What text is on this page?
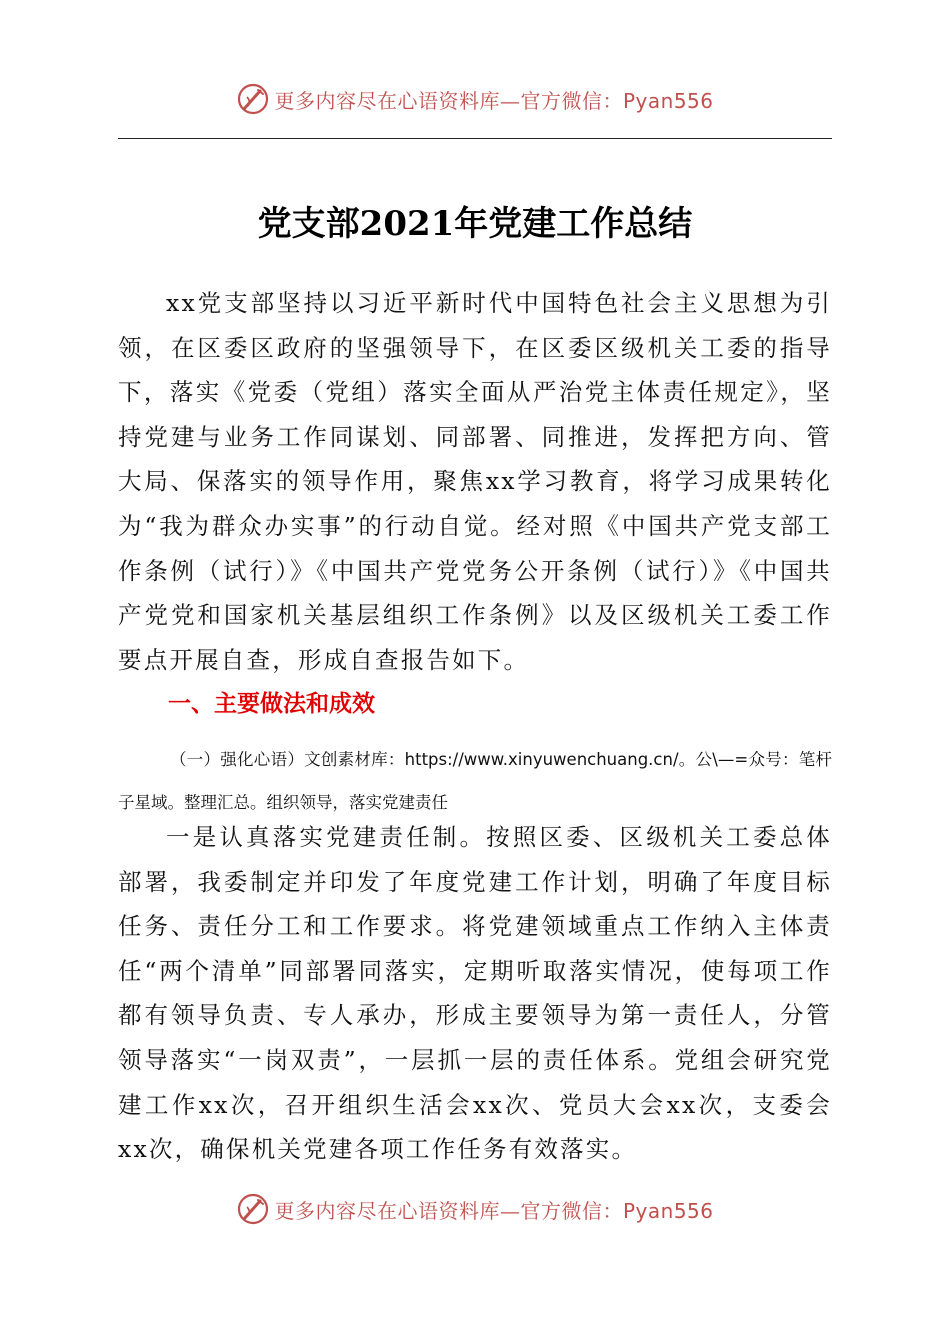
更多内容尽在心语资料库—官方微信：Pyan556
党支部2021年党建工作总结

xx党支部坚持以习近平新时代中国特色社会主义思想为引领，在区委区政府的坚强领导下，在区委区级机关工委的指导下，落实《党委（党组）落实全面从严治党主体责任规定》，坚持党建与业务工作同谋划、同部署、同推进，发挥把方向、管大局、保落实的领导作用，聚焦xx学习教育，将学习成果转化为“我为群众办实事”的行动自觉。经对照《中国共产党支部工作条例（试行）》《中国共产党党务公开条例（试行）》《中国共产党党和国家机关基层组织工作条例》以及区级机关工委工作要点开展自查，形成自查报告如下。

一、主要做法和成效

（一）强化心语）文创素材库：https://www.xinyuwenchuang.cn/。公\—=众号：笔杆子星域。整理汇总。组织领导，落实党建责任

一是认真落实党建责任制。按照区委、区级机关工委总体部署，我委制定并印发了年度党建工作计划，明确了年度目标任务、责任分工和工作要求。将党建领域重点工作纳入主体责任“两个清单”同部署同落实，定期听取落实情况，使每项工作都有领导负责、专人承办，形成主要领导为第一责任人，分管领导落实“一岗双责”，一层抓一层的责任体系。党组会研究党建工作xx次，召开组织生活会xx次、党员大会xx次，支委会xx次，确保机关党建各项工作任务有效落实。

更多内容尽在心语资料库—官方微信：Pyan556
